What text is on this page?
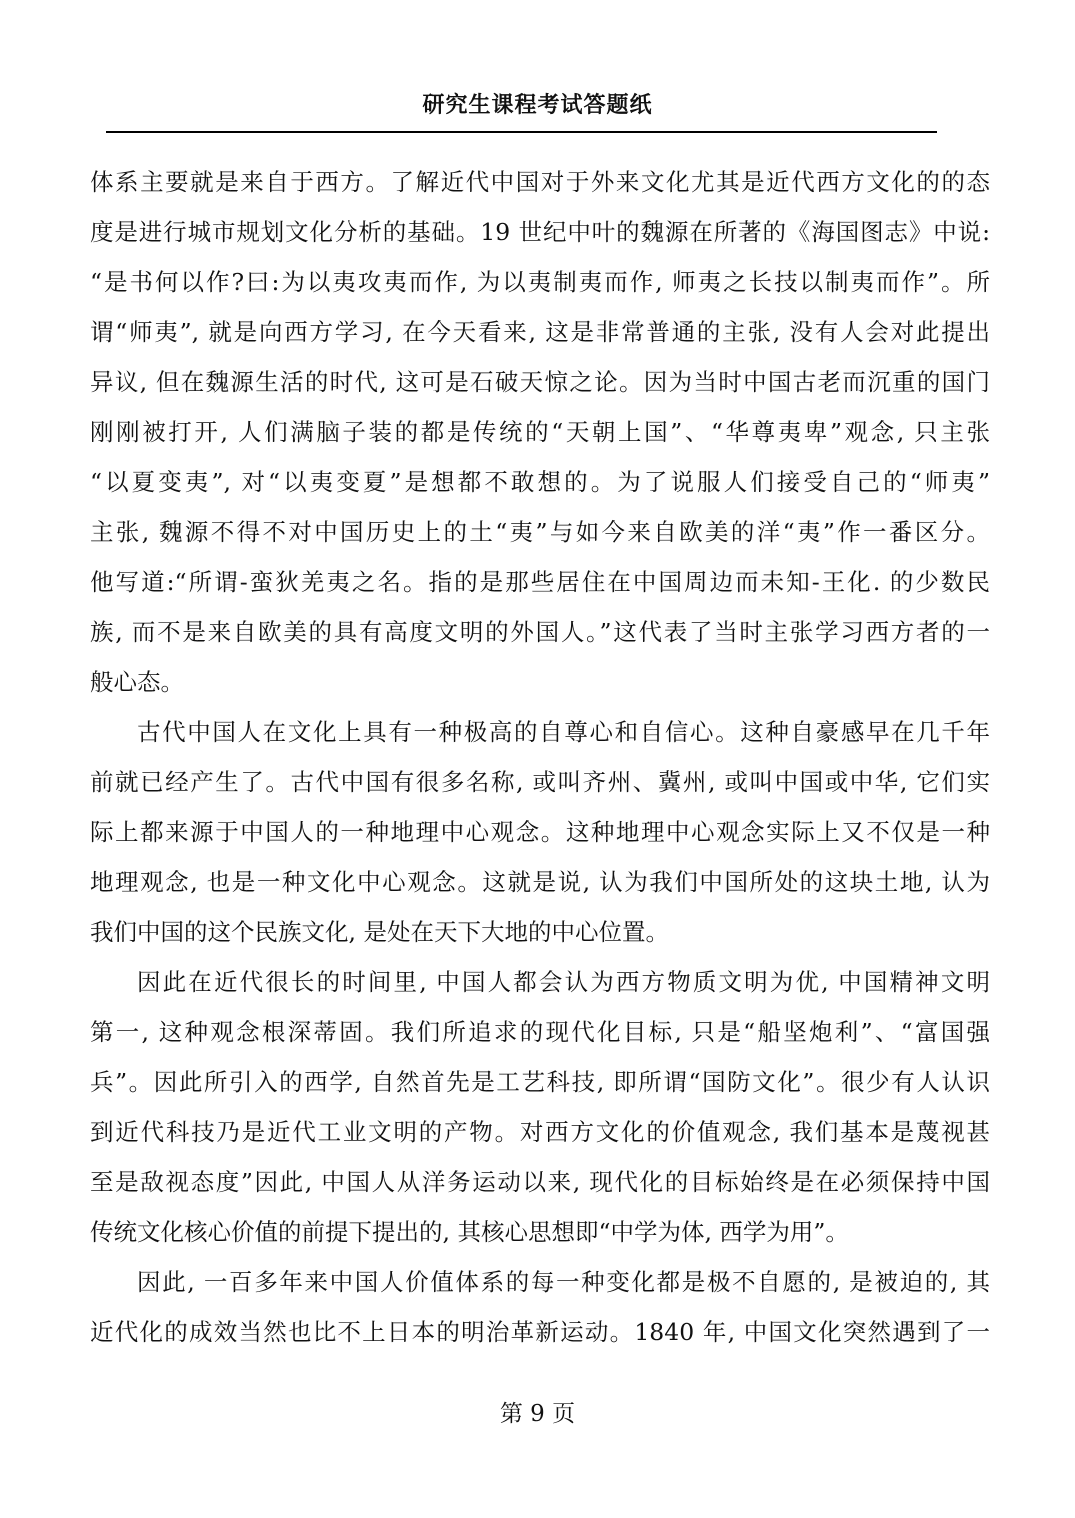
研究生课程考试答题纸
体系主要就是来自于西方。了解近代中国对于外来文化尤其是近代西方文化的的态
度是进行城市规划文化分析的基础。19 世纪中叶的魏源在所著的《海国图志》中说:
“是书何以作?曰:为以夷攻夷而作, 为以夷制夷而作, 师夷之长技以制夷而作”。所
谓“师夷”, 就是向西方学习, 在今天看来, 这是非常普通的主张, 没有人会对此提出
异议, 但在魏源生活的时代, 这可是石破天惊之论。因为当时中国古老而沉重的国门
刚刚被打开, 人们满脑子装的都是传统的“天朝上国”、“华尊夷卑”观念, 只主张
“以夏变夷”, 对“以夷变夏”是想都不敢想的。为了说服人们接受自己的“师夷”
主张, 魏源不得不对中国历史上的土“夷”与如今来自欧美的洋“夷”作一番区分。
他写道:“所谓-蛮狄羌夷之名。指的是那些居住在中国周边而未知-王化. 的少数民
族, 而不是来自欧美的具有高度文明的外国人。”这代表了当时主张学习西方者的一
般心态。
古代中国人在文化上具有一种极高的自尊心和自信心。这种自豪感早在几千年
前就已经产生了。古代中国有很多名称, 或叫齐州、冀州, 或叫中国或中华, 它们实
际上都来源于中国人的一种地理中心观念。这种地理中心观念实际上又不仅是一种
地理观念, 也是一种文化中心观念。这就是说, 认为我们中国所处的这块土地, 认为
我们中国的这个民族文化, 是处在天下大地的中心位置。
因此在近代很长的时间里, 中国人都会认为西方物质文明为优, 中国精神文明
第一, 这种观念根深蒂固。我们所追求的现代化目标, 只是“船坚炮利”、“富国强
兵”。因此所引入的西学, 自然首先是工艺科技, 即所谓“国防文化”。很少有人认识
到近代科技乃是近代工业文明的产物。对西方文化的价值观念, 我们基本是蔑视甚
至是敌视态度”因此, 中国人从洋务运动以来, 现代化的目标始终是在必须保持中国
传统文化核心价值的前提下提出的, 其核心思想即“中学为体, 西学为用”。
因此, 一百多年来中国人价值体系的每一种变化都是极不自愿的, 是被迫的, 其
近代化的成效当然也比不上日本的明治革新运动。1840 年, 中国文化突然遇到了一
第 9 页
